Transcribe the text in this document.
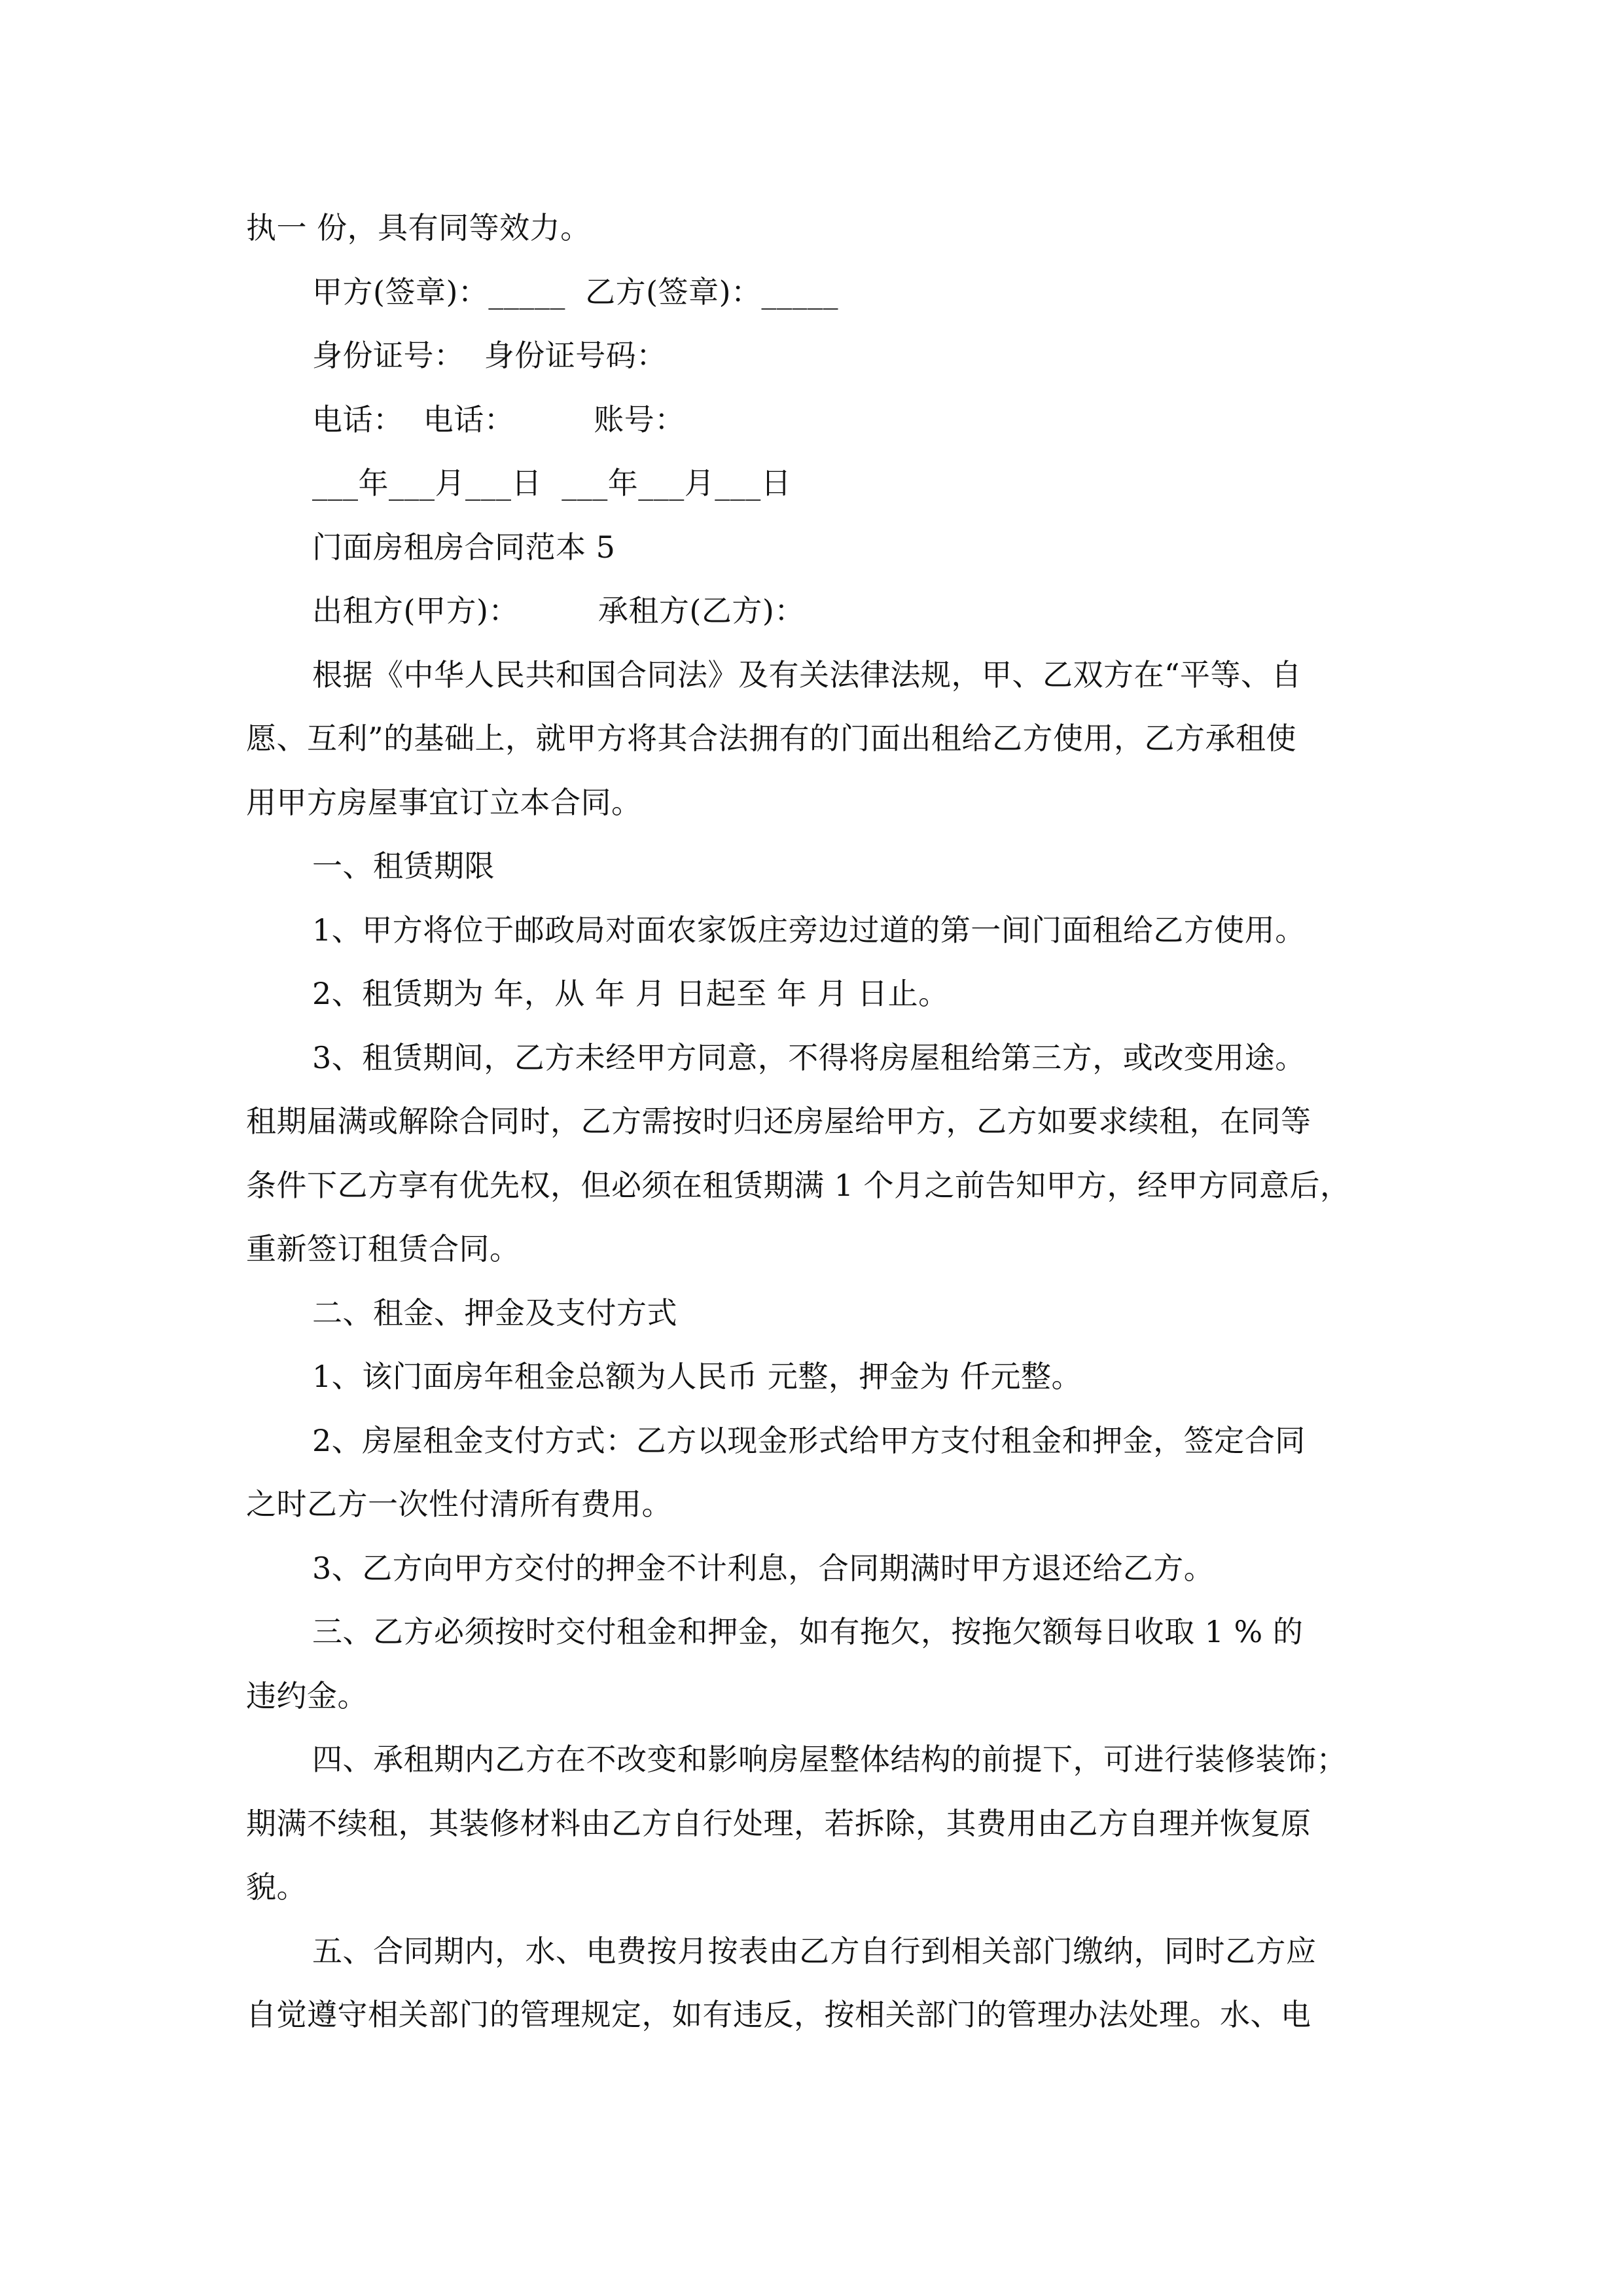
执一 份，具有同等效力。
甲方(签章)：_____  乙方(签章)：_____
身份证号：  身份证号码：
电话：  电话：        账号：
___年___月___日  ___年___月___日
门面房租房合同范本 5
出租方(甲方)：        承租方(乙方)：
根据《中华人民共和国合同法》及有关法律法规，甲、乙双方在“平等、自
愿、互利”的基础上，就甲方将其合法拥有的门面出租给乙方使用，乙方承租使
用甲方房屋事宜订立本合同。
一、租赁期限
1、甲方将位于邮政局对面农家饭庄旁边过道的第一间门面租给乙方使用。
2、租赁期为 年，从 年 月 日起至 年 月 日止。
3、租赁期间，乙方未经甲方同意，不得将房屋租给第三方，或改变用途。
租期届满或解除合同时，乙方需按时归还房屋给甲方，乙方如要求续租，在同等
条件下乙方享有优先权，但必须在租赁期满 1 个月之前告知甲方，经甲方同意后，
重新签订租赁合同。
二、租金、押金及支付方式
1、该门面房年租金总额为人民币 元整，押金为 仟元整。
2、房屋租金支付方式：乙方以现金形式给甲方支付租金和押金，签定合同
之时乙方一次性付清所有费用。
3、乙方向甲方交付的押金不计利息，合同期满时甲方退还给乙方。
三、乙方必须按时交付租金和押金，如有拖欠，按拖欠额每日收取 1 % 的
违约金。
四、承租期内乙方在不改变和影响房屋整体结构的前提下，可进行装修装饰；
期满不续租，其装修材料由乙方自行处理，若拆除，其费用由乙方自理并恢复原
貌。
五、合同期内，水、电费按月按表由乙方自行到相关部门缴纳，同时乙方应
自觉遵守相关部门的管理规定，如有违反，按相关部门的管理办法处理。水、电
